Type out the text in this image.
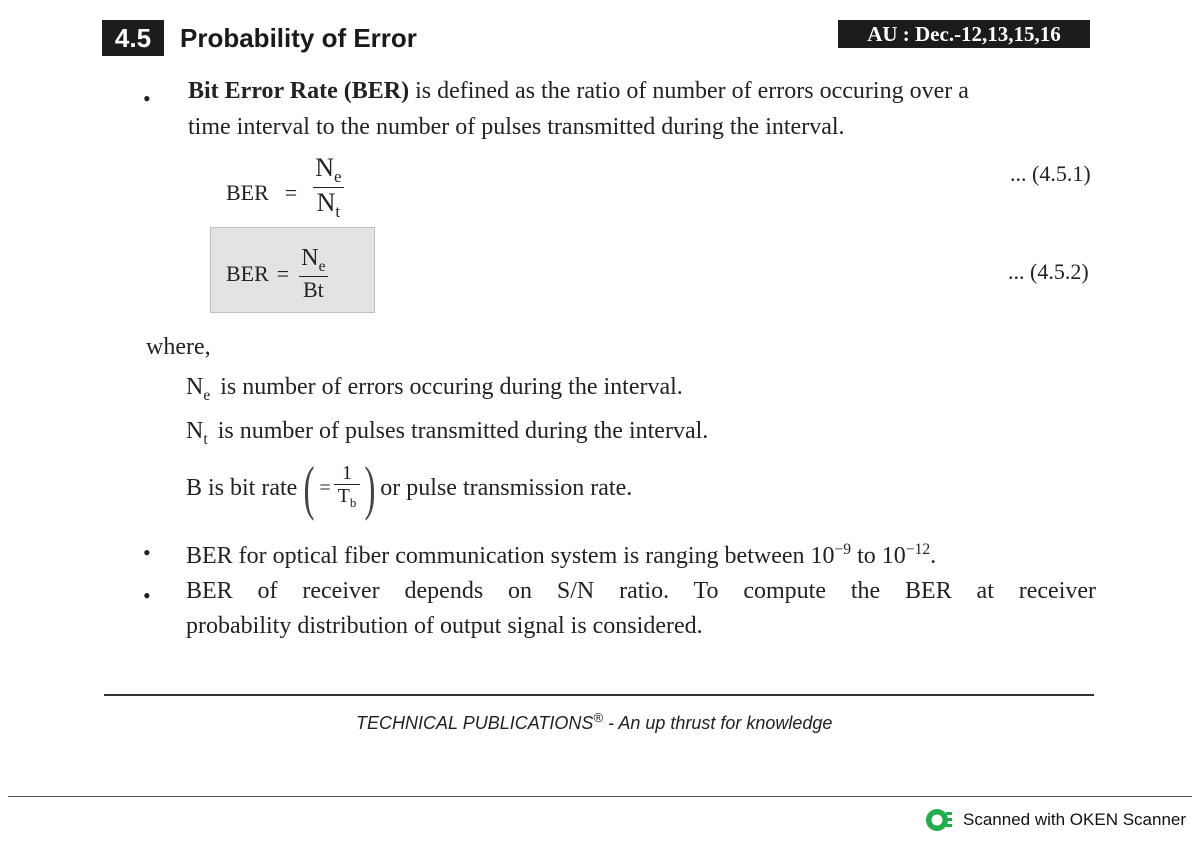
4.5	Probability of Error	AU : Dec.-12,13,15,16
• Bit Error Rate (BER) is defined as the ratio of number of errors occuring over a
time interval to the number of pulses transmitted during the interval.
BER = $\frac{N_e}{N_t}$	... (4.5.1)
BER = $\frac{N_e}{Bt}$	... (4.5.2)
where,
$N_e$ is number of errors occuring during the interval.
$N_t$ is number of pulses transmitted during the interval.
B is bit rate ( = $\frac{1}{T_b}$ ) or pulse transmission rate.
• BER for optical fiber communication system is ranging between $10^{-9}$ to $10^{-12}$.
• BER of receiver depends on S/N ratio. To compute the BER at receiver
probability distribution of output signal is considered.
TECHNICAL PUBLICATIONS® - An up thrust for knowledge
Scanned with OKEN Scanner
